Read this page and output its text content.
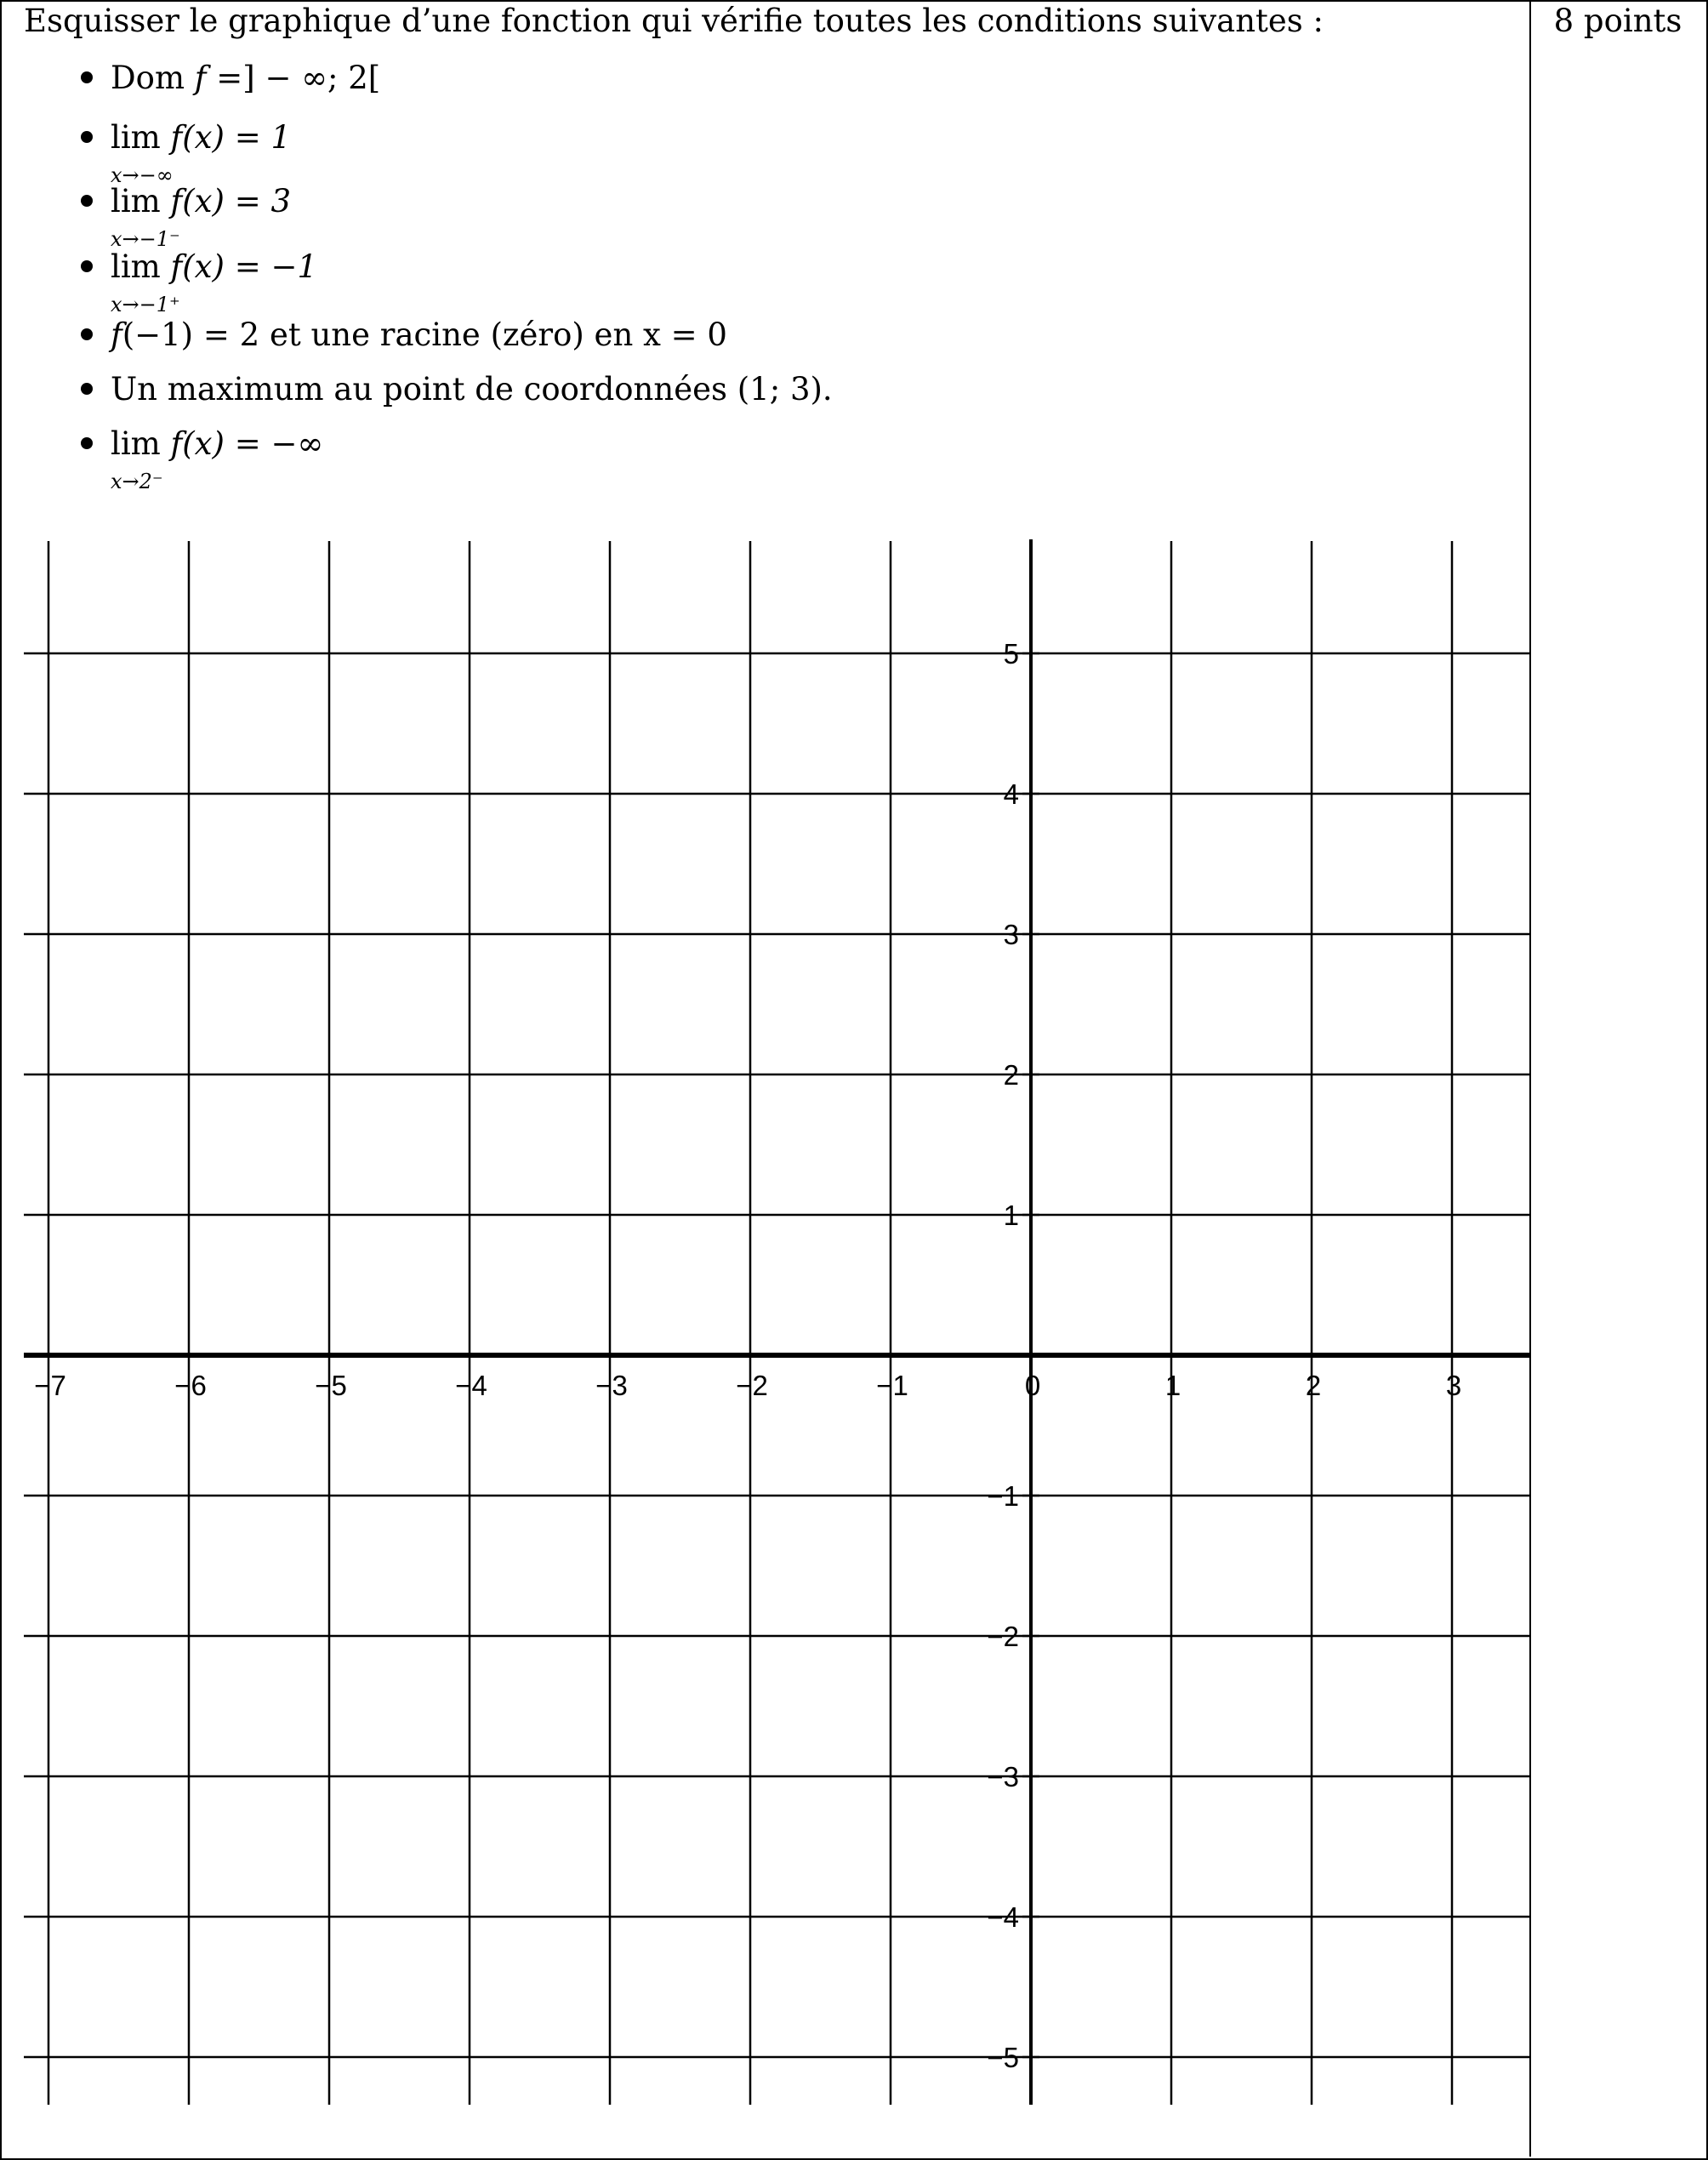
Esquisser le graphique d’une fonction qui vérifie toutes les conditions suivantes :	8 points
Dom f =] − ∞; 2[
lim
x→−∞
f(x) = 1
lim
x→−1⁻
f(x) = 3
lim
x→−1⁺
f(x) = −1
f(−1) = 2 et une racine (zéro) en x = 0
Un maximum au point de coordonnées (1; 3).
lim
x→2⁻
f(x) = −∞
−7	−6	−5	−4	−3	−2	−1	0	1	2	3
5
4
3
2
1
−1
−2
−3
−4
−5
